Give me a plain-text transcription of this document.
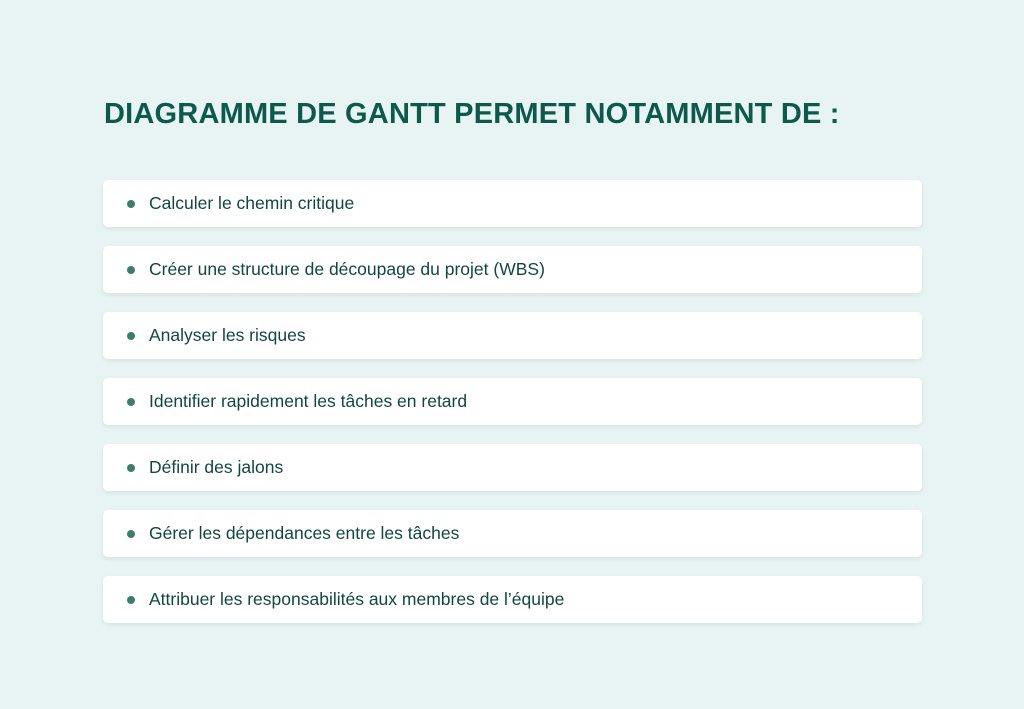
DIAGRAMME DE GANTT PERMET NOTAMMENT DE :
Calculer le chemin critique
Créer une structure de découpage du projet (WBS)
Analyser les risques
Identifier rapidement les tâches en retard
Définir des jalons
Gérer les dépendances entre les tâches
Attribuer les responsabilités aux membres de l’équipe
